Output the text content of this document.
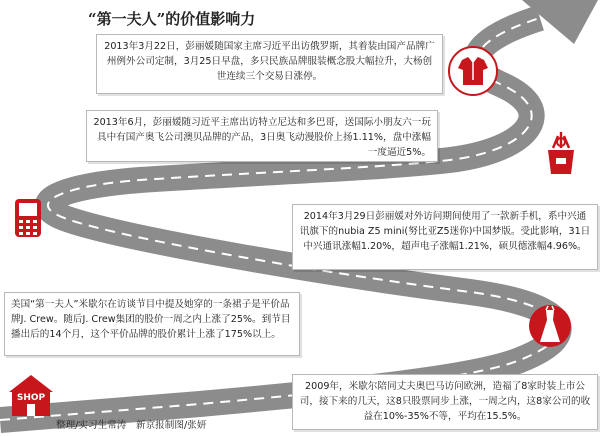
“第一夫人”的价值影响力

2013年3月22日，彭丽媛随国家主席习近平出访俄罗斯，其着装由国产品牌广州例外公司定制，3月25日早盘，多只民族品牌服装概念股大幅拉升，大杨创世连续三个交易日涨停。

2013年6月，彭丽媛随习近平主席出访特立尼达和多巴哥，送国际小朋友六一玩具中有国产奥飞公司澳贝品牌的产品，3日奥飞动漫股价上扬1.11%，盘中涨幅一度逼近5%。

2014年3月29日彭丽媛对外访问期间使用了一款新手机，系中兴通讯旗下的nubia Z5 mini(努比亚Z5迷你)中国梦版。受此影响，31日中兴通讯涨幅1.20%，超声电子涨幅1.21%，硕贝德涨幅4.96%。

美国“第一夫人”米歇尔在访谈节目中提及她穿的一条裙子是平价品牌J. Crew。随后J. Crew集团的股价一周之内上涨了25%。到节目播出后的14个月，这个平价品牌的股价累计上涨了175%以上。

2009年，米歇尔陪同丈夫奥巴马访问欧洲，造福了8家时装上市公司，接下来的几天，这8只股票同步上涨，一周之内，这8家公司的收益在10%-35%不等，平均在15.5%。

SHOP
整理/实习生常涛　新京报制图/张妍
